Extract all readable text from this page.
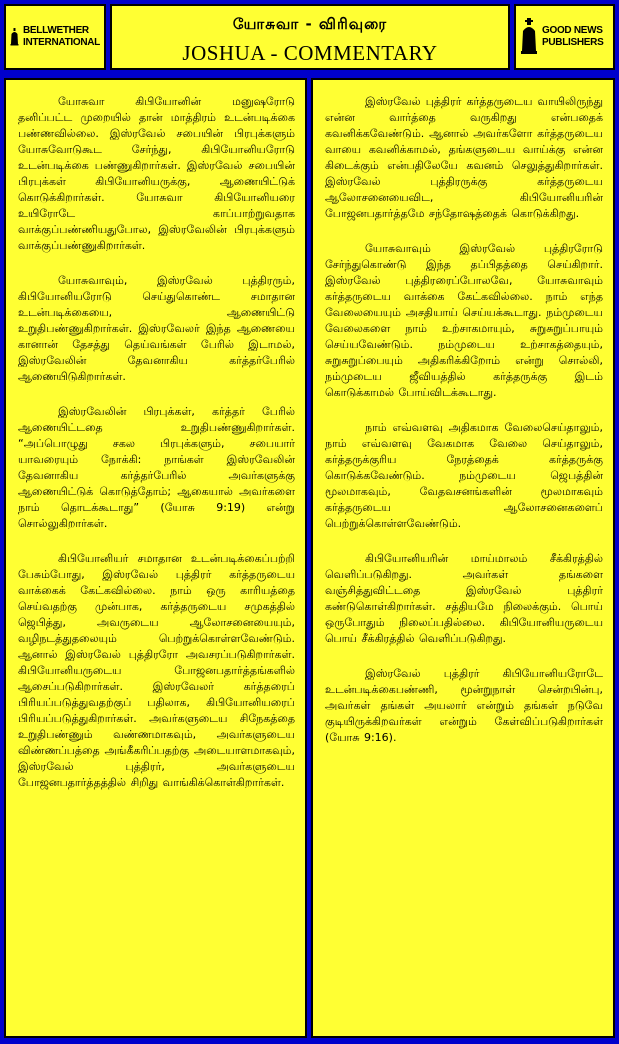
BELLWETHER
INTERNATIONAL
யோசுவா - விரிவுரை
JOSHUA - COMMENTARY
GOOD NEWS
PUBLISHERS

யோசுவா கிபியோனின் மனுஷரோடு தனிப்பட்ட முறையில் தான் மாத்திரம் உடன்படிக்கை பண்ணவில்லை. இஸ்ரவேல் சபையின் பிரபுக்களும் யோசுவோடுகூட சேர்ந்து, கிபியோனியரோடு உடன்படிக்கை பண்ணுகிறார்கள். இஸ்ரவேல் சபையின் பிரபுக்கள் கிபியோனியருக்கு, ஆணையிட்டுக் கொடுக்கிறார்கள். யோசுவா கிபியோனியரை உயிரோடே காப்பாற்றுவதாக வாக்குப்பண்ணியதுபோல, இஸ்ரவேலின் பிரபுக்களும் வாக்குப்பண்ணுகிறார்கள்.

யோசுவாவும், இஸ்ரவேல் புத்திரரும், கிபியோனியரோடு செய்துகொண்ட சமாதான உடன்படிக்கையை, ஆணையிட்டு உறுதிபண்ணுகிறார்கள். இஸ்ரவேலர் இந்த ஆணையை கானான் தேசத்து தெய்வங்கள் பேரில் இடாமல், இஸ்ரவேலின் தேவனாகிய கர்த்தர்பேரில் ஆணையிடுகிறார்கள்.

இஸ்ரவேலின் பிரபுக்கள், கர்த்தர் பேரில் ஆணையிட்டதை உறுதிபண்ணுகிறார்கள். “அப்பொழுது சகல பிரபுக்களும், சபையார் யாவரையும் நோக்கி: நாங்கள் இஸ்ரவேலின் தேவனாகிய கர்த்தர்பேரில் அவர்களுக்கு ஆணையிட்டுக் கொடுத்தோம்; ஆகையால் அவர்களை நாம் தொடக்கூடாது” (யோசு 9:19) என்று சொல்லுகிறார்கள்.

கிபியோனியர் சமாதான உடன்படிக்கைப்பற்றி பேசும்போது, இஸ்ரவேல் புத்திரர் கர்த்தருடைய வாக்கைக் கேட்கவில்லை. நாம் ஒரு காரியத்தை செய்வதற்கு முன்பாக, கர்த்தருடைய சமுகத்தில் ஜெபித்து, அவருடைய ஆலோசனையையும், வழிநடத்துதலையும் பெற்றுக்கொள்ளவேண்டும். ஆனால் இஸ்ரவேல் புத்திரரோ அவசரப்படுகிறார்கள். கிபியோனியருடைய போஜனபதார்த்தங்களில் ஆசைப்படுகிறார்கள். இஸ்ரவேலர் கர்த்தரைப் பிரியப்படுத்துவதற்குப் பதிலாக, கிபியோனியரைப் பிரியப்படுத்துகிறார்கள். அவர்களுடைய சிநேகத்தை உறுதிபண்ணும் வண்ணமாகவும், அவர்களுடைய விண்ணப்பத்தை அங்கீகரிப்பதற்கு அடையாளமாகவும், இஸ்ரவேல் புத்திரர், அவர்களுடைய போஜனபதார்த்தத்தில் சிறிது வாங்கிக்கொள்கிறார்கள்.

இஸ்ரவேல் புத்திரர் கர்த்தருடைய வாயிலிருந்து என்ன வார்த்தை வருகிறது என்பதைக் கவனிக்கவேண்டும். ஆனால் அவர்களோ கர்த்தருடைய வாயை கவனிக்காமல், தங்களுடைய வாய்க்கு என்ன கிடைக்கும் என்பதிலேயே கவனம் செலுத்துகிறார்கள். இஸ்ரவேல் புத்திரருக்கு கர்த்தருடைய ஆலோசனையைவிட, கிபியோனியரின் போஜனபதார்த்தமே சந்தோஷத்தைக் கொடுக்கிறது.

யோசுவாவும் இஸ்ரவேல் புத்திரரோடு சேர்ந்துகொண்டு இந்த தப்பிதத்தை செய்கிறார். இஸ்ரவேல் புத்திரரைப்போலவே, யோசுவாவும் கர்த்தருடைய வாக்கை கேட்கவில்லை. நாம் எந்த வேலையையும் அசதியாய் செய்யக்கூடாது. நம்முடைய வேலைகளை நாம் உற்சாகமாயும், சுறுசுறுப்பாயும் செய்யவேண்டும். நம்முடைய உற்சாகத்தையும், சுறுசுறுப்பையும் அதிகரிக்கிறோம் என்று சொல்லி, நம்முடைய ஜீவியத்தில் கர்த்தருக்கு இடம் கொடுக்காமல் போய்விடக்கூடாது.

நாம் எவ்வளவு அதிகமாக வேலைசெய்தாலும், நாம் எவ்வளவு வேகமாக வேலை செய்தாலும், கர்த்தருக்குரிய நேரத்தைக் கர்த்தருக்கு கொடுக்கவேண்டும். நம்முடைய ஜெபத்தின் மூலமாகவும், வேதவசனங்களின் மூலமாகவும் கர்த்தருடைய ஆலோசனைகளைப் பெற்றுக்கொள்ளவேண்டும்.

கிபியோனியரின் மாய்மாலம் சீக்கிரத்தில் வெளிப்படுகிறது. அவர்கள் தங்களை வஞ்சித்துவிட்டதை இஸ்ரவேல் புத்திரர் கண்டுகொள்கிறார்கள். சத்தியமே நிலைக்கும். பொய் ஒருபோதும் நிலைப்பதில்லை. கிபியோனியருடைய பொய் சீக்கிரத்தில் வெளிப்படுகிறது.

இஸ்ரவேல் புத்திரர் கிபியோனியரோடே உடன்படிக்கைபண்ணி, மூன்றுநாள் சென்றபின்பு, அவர்கள் தங்கள் அயலார் என்றும் தங்கள் நடுவே குடியிருக்கிறவர்கள் என்றும் கேள்விப்படுகிறார்கள் (யோசு 9:16).
